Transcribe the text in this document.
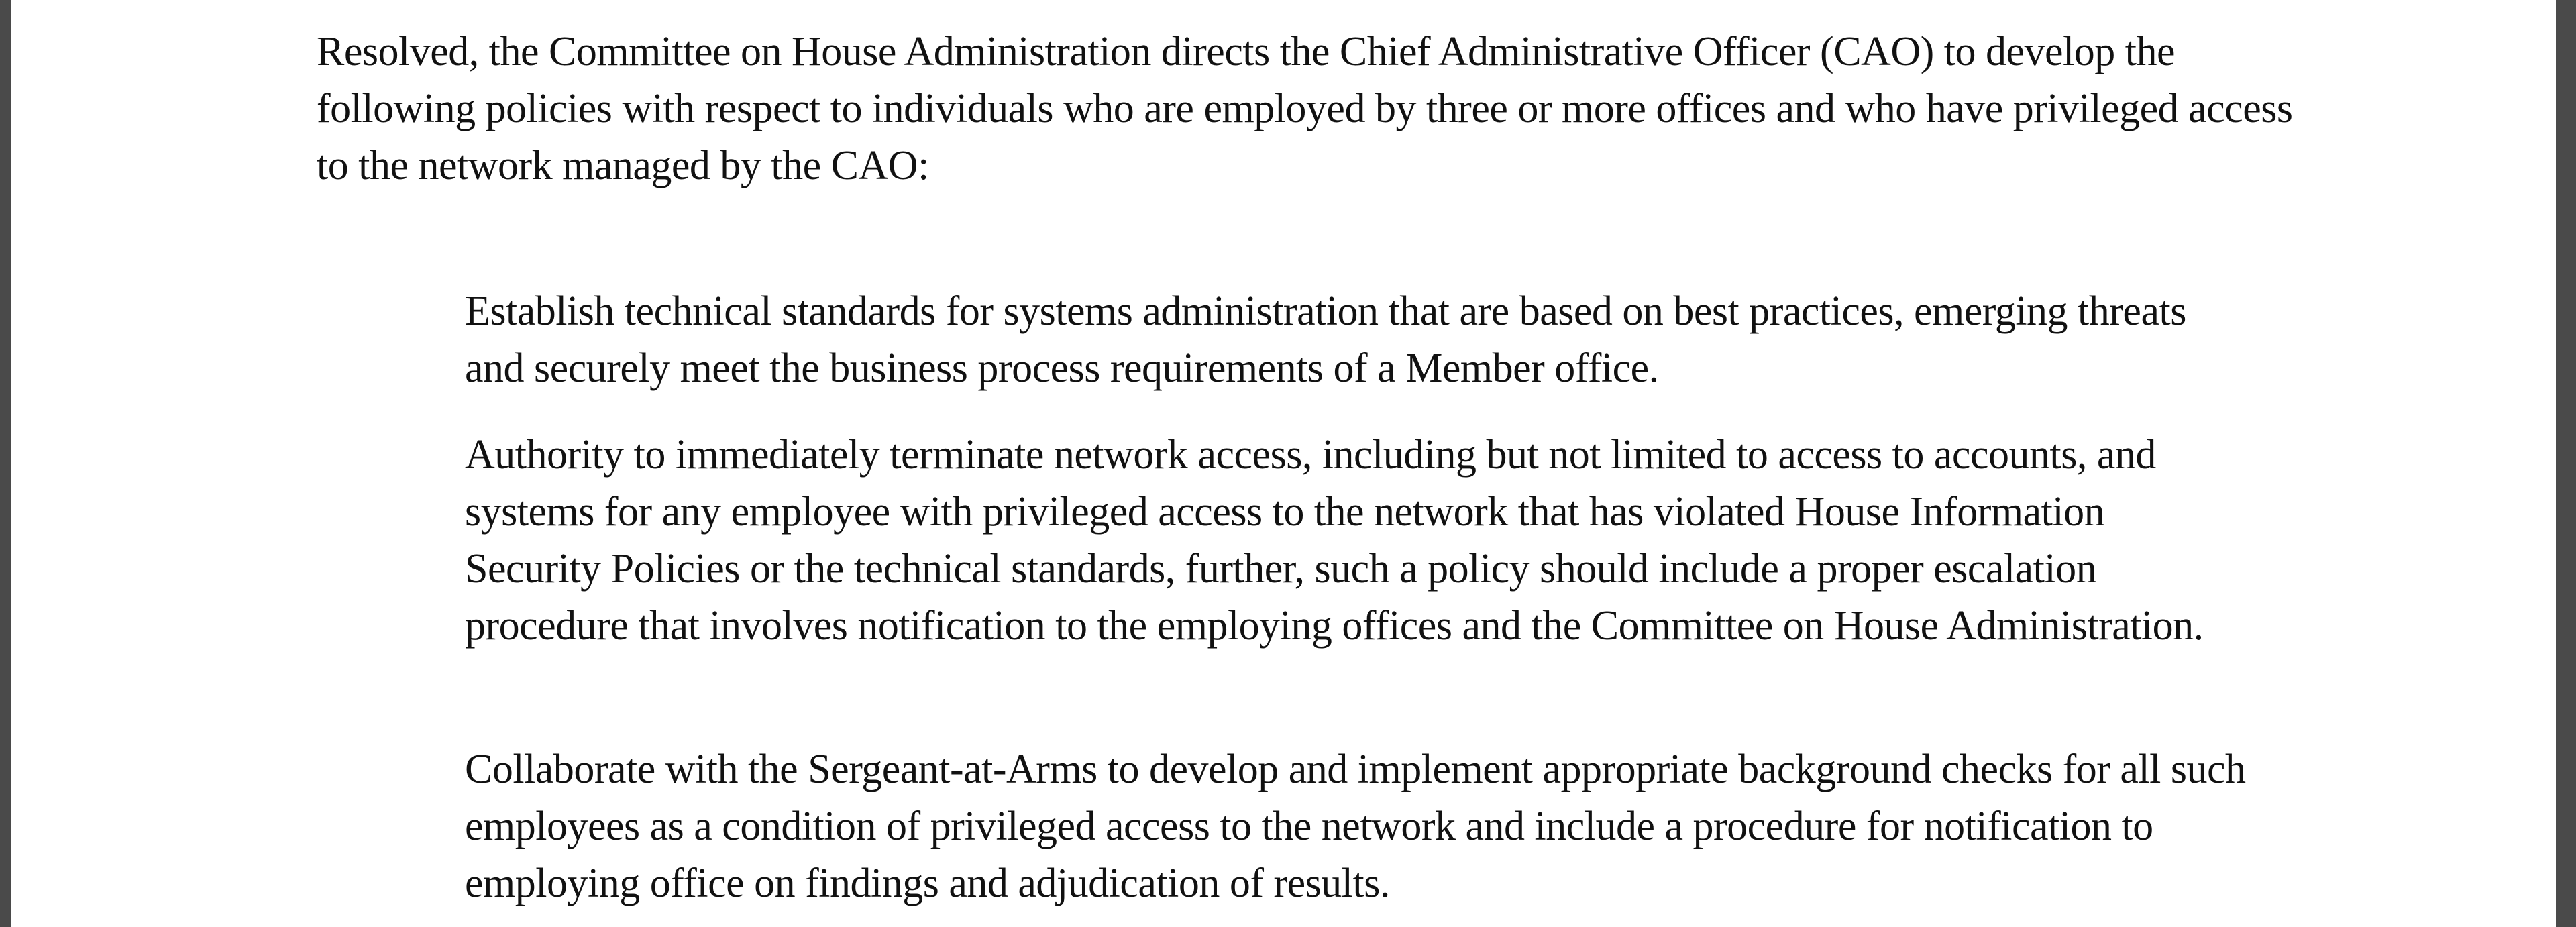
Resolved, the Committee on House Administration directs the Chief Administrative Officer (CAO) to develop the following policies with respect to individuals who are employed by three or more offices and who have privileged access to the network managed by the CAO:

Establish technical standards for systems administration that are based on best practices, emerging threats and securely meet the business process requirements of a Member office.

Authority to immediately terminate network access, including but not limited to access to accounts, and systems for any employee with privileged access to the network that has violated House Information Security Policies or the technical standards, further, such a policy should include a proper escalation procedure that involves notification to the employing offices and the Committee on House Administration.

Collaborate with the Sergeant-at-Arms to develop and implement appropriate background checks for all such employees as a condition of privileged access to the network and include a procedure for notification to employing office on findings and adjudication of results.
